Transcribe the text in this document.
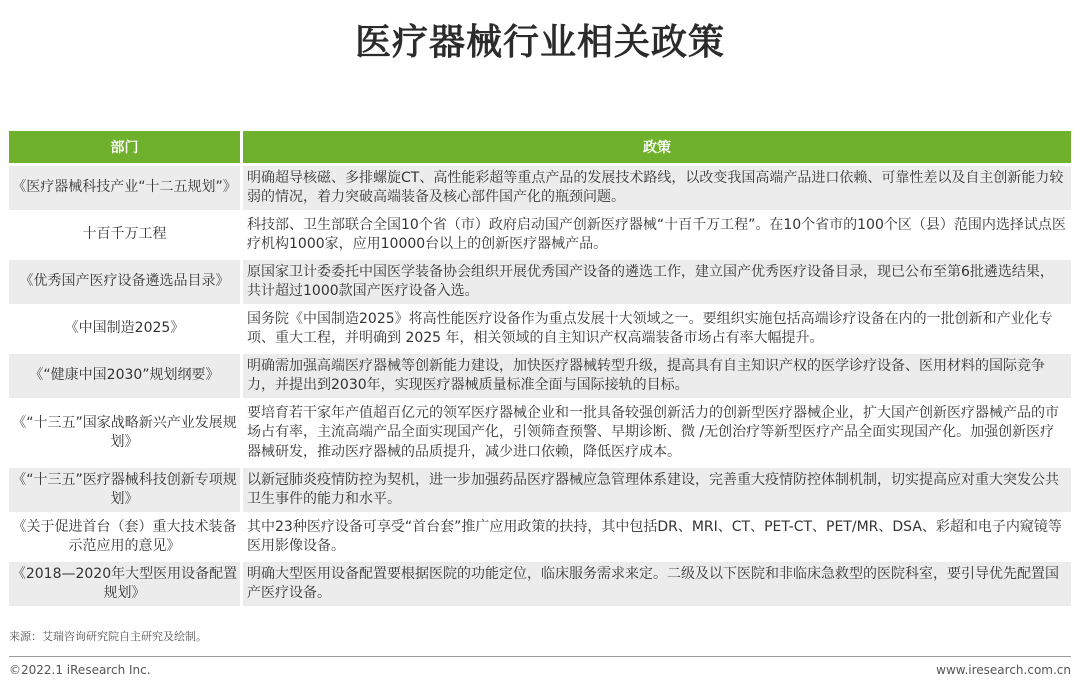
医疗器械行业相关政策
部门	政策
《医疗器械科技产业“十二五规划”》	明确超导核磁、多排螺旋CT、高性能彩超等重点产品的发展技术路线，以改变我国高端产品进口依赖、可靠性差以及自主创新能力较弱的情况，着力突破高端装备及核心部件国产化的瓶颈问题。
十百千万工程	科技部、卫生部联合全国10个省（市）政府启动国产创新医疗器械“十百千万工程”。在10个省市的100个区（县）范围内选择试点医疗机构1000家，应用10000台以上的创新医疗器械产品。
《优秀国产医疗设备遴选品目录》	原国家卫计委委托中国医学装备协会组织开展优秀国产设备的遴选工作，建立国产优秀医疗设备目录，现已公布至第6批遴选结果，共计超过1000款国产医疗设备入选。
《中国制造2025》	国务院《中国制造2025》将高性能医疗设备作为重点发展十大领域之一。要组织实施包括高端诊疗设备在内的一批创新和产业化专项、重大工程，并明确到 2025 年，相关领域的自主知识产权高端装备市场占有率大幅提升。
《“健康中国2030”规划纲要》	明确需加强高端医疗器械等创新能力建设，加快医疗器械转型升级，提高具有自主知识产权的医学诊疗设备、医用材料的国际竞争力，并提出到2030年，实现医疗器械质量标准全面与国际接轨的目标。
《“十三五”国家战略新兴产业发展规划》	要培育若干家年产值超百亿元的领军医疗器械企业和一批具备较强创新活力的创新型医疗器械企业，扩大国产创新医疗器械产品的市场占有率，主流高端产品全面实现国产化，引领筛查预警、早期诊断、微 /无创治疗等新型医疗产品全面实现国产化。加强创新医疗器械研发，推动医疗器械的品质提升，减少进口依赖，降低医疗成本。
《“十三五”医疗器械科技创新专项规划》	以新冠肺炎疫情防控为契机，进一步加强药品医疗器械应急管理体系建设，完善重大疫情防控体制机制，切实提高应对重大突发公共卫生事件的能力和水平。
《关于促进首台（套）重大技术装备示范应用的意见》	其中23种医疗设备可享受“首台套”推广应用政策的扶持，其中包括DR、MRI、CT、PET-CT、PET/MR、DSA、彩超和电子内窥镜等医用影像设备。
《2018—2020年大型医用设备配置规划》	明确大型医用设备配置要根据医院的功能定位，临床服务需求来定。二级及以下医院和非临床急救型的医院科室，要引导优先配置国产医疗设备。
来源：艾瑞咨询研究院自主研究及绘制。
©2022.1 iResearch Inc.	www.iresearch.com.cn
